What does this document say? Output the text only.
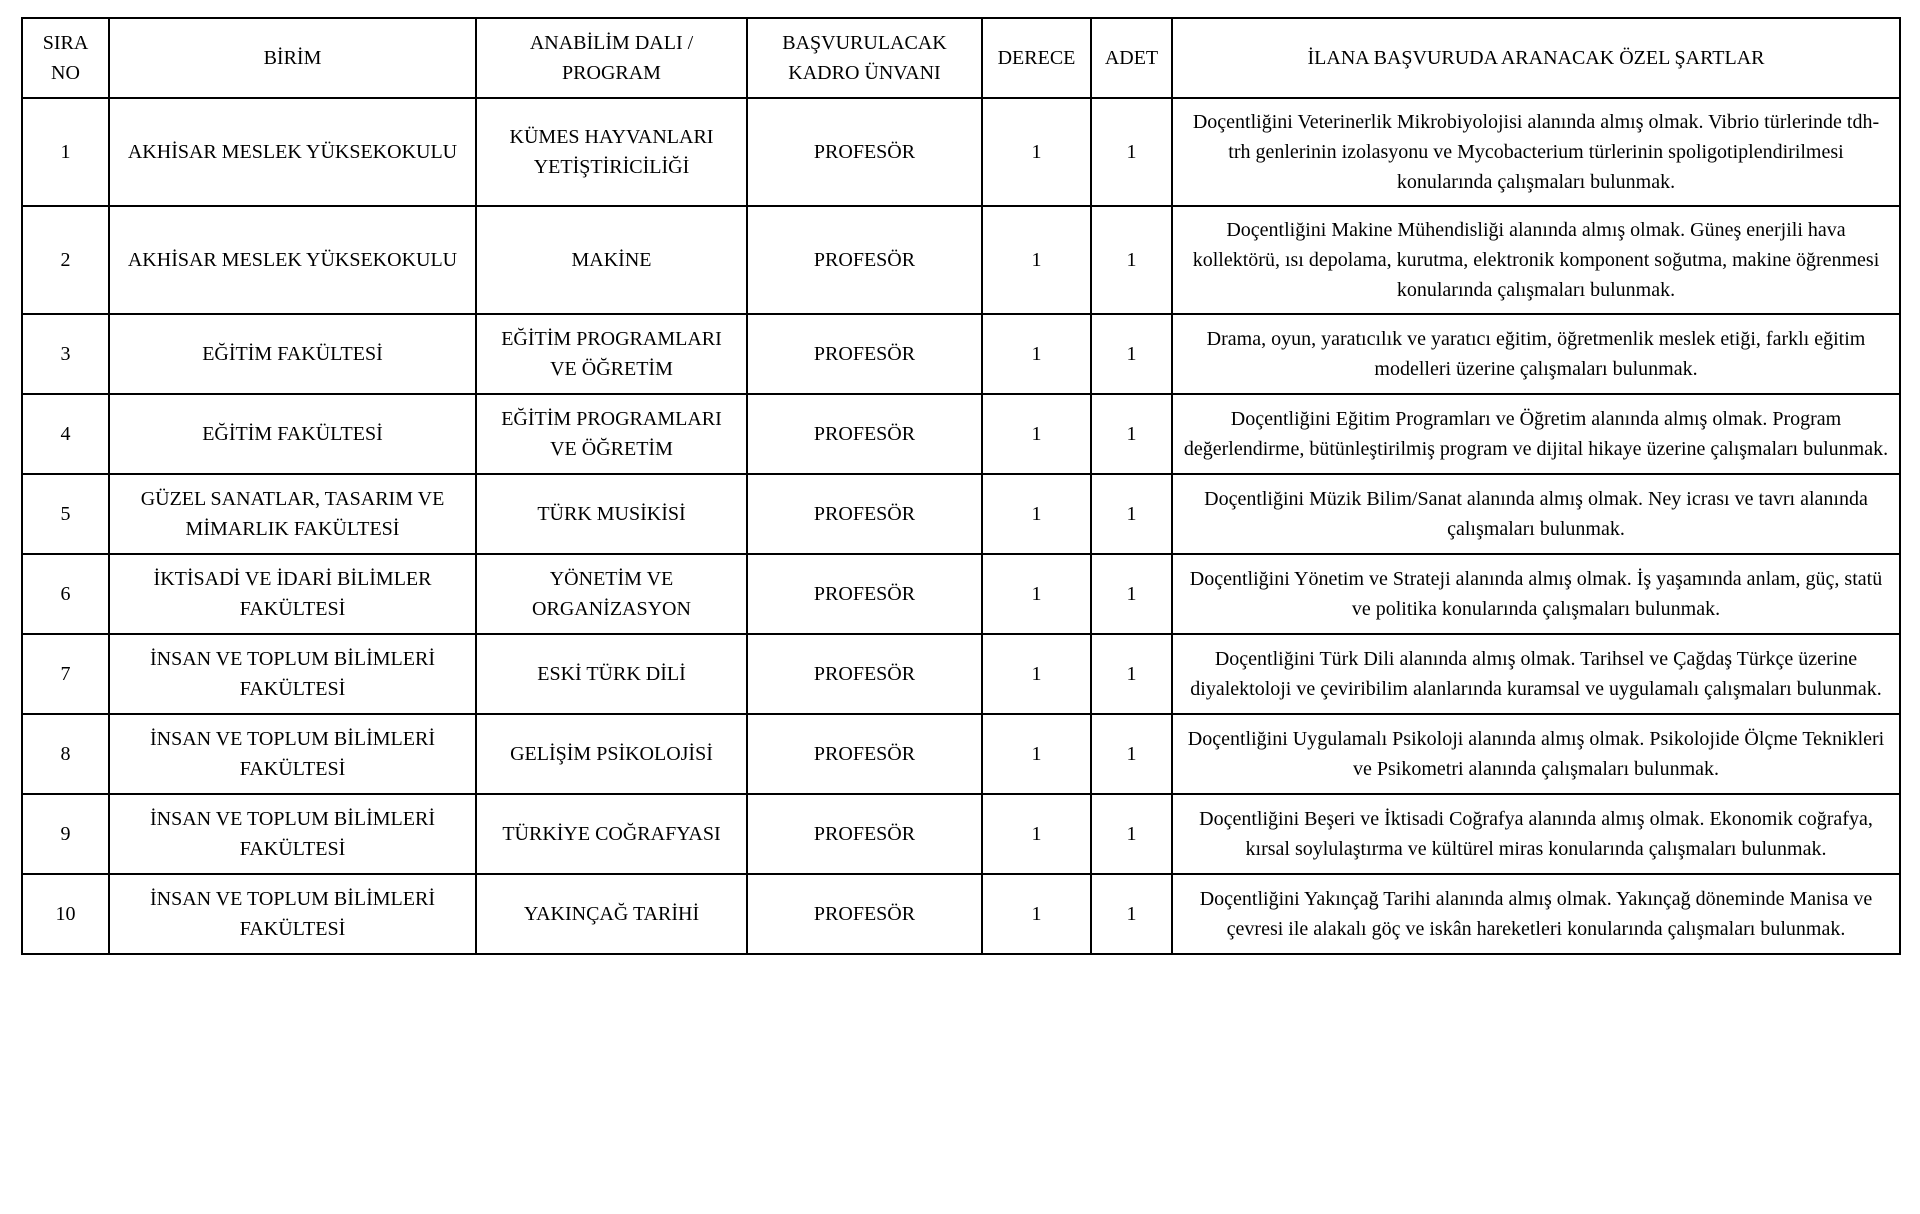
SIRA NO	BİRİM	ANABİLİM DALI / PROGRAM	BAŞVURULACAK KADRO ÜNVANI	DERECE	ADET	İLANA BAŞVURUDA ARANACAK ÖZEL ŞARTLAR
1	AKHİSAR MESLEK YÜKSEKOKULU	KÜMES HAYVANLARI YETİŞTİRİCİLİĞİ	PROFESÖR	1	1	Doçentliğini Veterinerlik Mikrobiyolojisi alanında almış olmak. Vibrio türlerinde tdh- trh genlerinin izolasyonu ve Mycobacterium türlerinin spoligotiplendirilmesi konularında çalışmaları bulunmak.
2	AKHİSAR MESLEK YÜKSEKOKULU	MAKİNE	PROFESÖR	1	1	Doçentliğini Makine Mühendisliği alanında almış olmak. Güneş enerjili hava kollektörü, ısı depolama, kurutma, elektronik komponent soğutma, makine öğrenmesi konularında çalışmaları bulunmak.
3	EĞİTİM FAKÜLTESİ	EĞİTİM PROGRAMLARI VE ÖĞRETİM	PROFESÖR	1	1	Drama, oyun, yaratıcılık ve yaratıcı eğitim, öğretmenlik meslek etiği, farklı eğitim modelleri üzerine çalışmaları bulunmak.
4	EĞİTİM FAKÜLTESİ	EĞİTİM PROGRAMLARI VE ÖĞRETİM	PROFESÖR	1	1	Doçentliğini Eğitim Programları ve Öğretim alanında almış olmak. Program değerlendirme, bütünleştirilmiş program ve dijital hikaye üzerine çalışmaları bulunmak.
5	GÜZEL SANATLAR, TASARIM VE MİMARLIK FAKÜLTESİ	TÜRK MUSİKİSİ	PROFESÖR	1	1	Doçentliğini Müzik Bilim/Sanat alanında almış olmak. Ney icrası ve tavrı alanında çalışmaları bulunmak.
6	İKTİSADİ VE İDARİ BİLİMLER FAKÜLTESİ	YÖNETİM VE ORGANİZASYON	PROFESÖR	1	1	Doçentliğini Yönetim ve Strateji alanında almış olmak. İş yaşamında anlam, güç, statü ve politika konularında çalışmaları bulunmak.
7	İNSAN VE TOPLUM BİLİMLERİ FAKÜLTESİ	ESKİ TÜRK DİLİ	PROFESÖR	1	1	Doçentliğini Türk Dili alanında almış olmak. Tarihsel ve Çağdaş Türkçe üzerine diyalektoloji ve çeviribilim alanlarında kuramsal ve uygulamalı çalışmaları bulunmak.
8	İNSAN VE TOPLUM BİLİMLERİ FAKÜLTESİ	GELİŞİM PSİKOLOJİSİ	PROFESÖR	1	1	Doçentliğini Uygulamalı Psikoloji alanında almış olmak. Psikolojide Ölçme Teknikleri ve Psikometri alanında çalışmaları bulunmak.
9	İNSAN VE TOPLUM BİLİMLERİ FAKÜLTESİ	TÜRKİYE COĞRAFYASI	PROFESÖR	1	1	Doçentliğini Beşeri ve İktisadi Coğrafya alanında almış olmak. Ekonomik coğrafya, kırsal soylulaştırma ve kültürel miras konularında çalışmaları bulunmak.
10	İNSAN VE TOPLUM BİLİMLERİ FAKÜLTESİ	YAKINÇAĞ TARİHİ	PROFESÖR	1	1	Doçentliğini Yakınçağ Tarihi alanında almış olmak. Yakınçağ döneminde Manisa ve çevresi ile alakalı göç ve iskân hareketleri konularında çalışmaları bulunmak.
